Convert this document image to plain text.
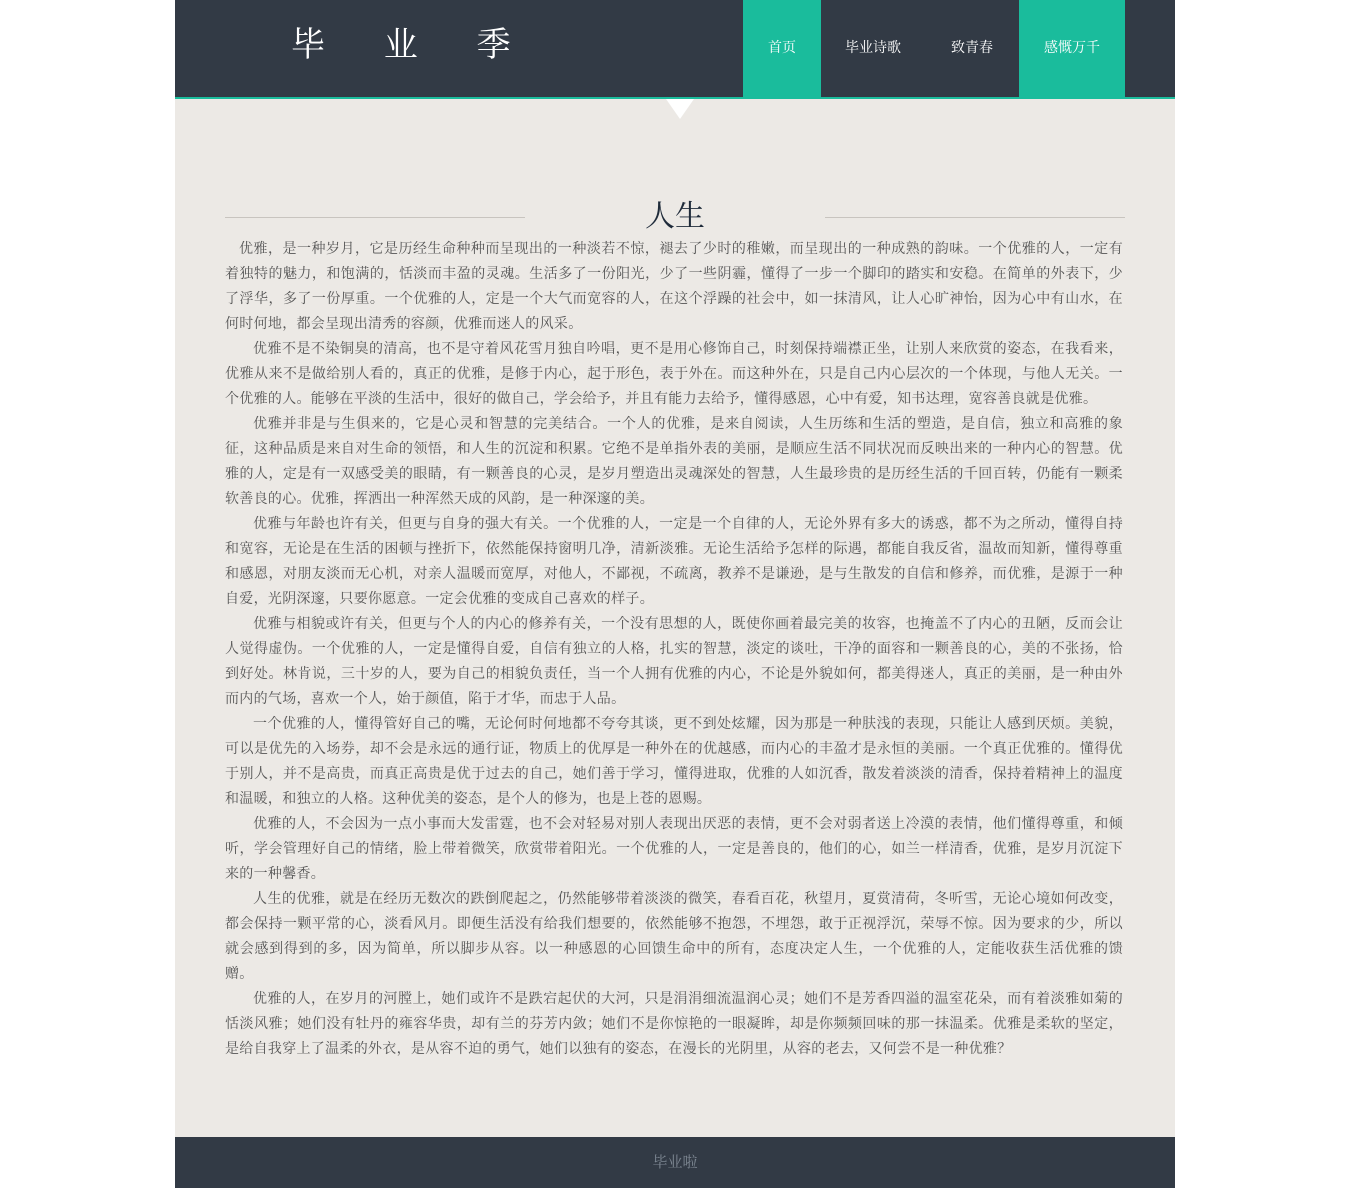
毕 业 季	首页	毕业诗歌	致青春	感慨万千
人生

优雅，是一种岁月，它是历经生命种种而呈现出的一种淡若不惊，褪去了少时的稚嫩，而呈现出的一种成熟的韵味。一个优雅的人，一定有着独特的魅力，和饱满的，恬淡而丰盈的灵魂。生活多了一份阳光，少了一些阴霾，懂得了一步一个脚印的踏实和安稳。在简单的外表下，少了浮华，多了一份厚重。一个优雅的人，定是一个大气而宽容的人，在这个浮躁的社会中，如一抹清风，让人心旷神怡，因为心中有山水，在何时何地，都会呈现出清秀的容颜，优雅而迷人的风采。

优雅不是不染铜臭的清高，也不是守着风花雪月独自吟唱，更不是用心修饰自己，时刻保持端襟正坐，让别人来欣赏的姿态，在我看来，优雅从来不是做给别人看的，真正的优雅，是修于内心，起于形色，表于外在。而这种外在，只是自己内心层次的一个体现，与他人无关。一个优雅的人。能够在平淡的生活中，很好的做自己，学会给予，并且有能力去给予，懂得感恩，心中有爱，知书达理，宽容善良就是优雅。

优雅并非是与生俱来的，它是心灵和智慧的完美结合。一个人的优雅，是来自阅读，人生历练和生活的塑造，是自信，独立和高雅的象征，这种品质是来自对生命的领悟，和人生的沉淀和积累。它绝不是单指外表的美丽，是顺应生活不同状况而反映出来的一种内心的智慧。优雅的人，定是有一双感受美的眼睛，有一颗善良的心灵，是岁月塑造出灵魂深处的智慧，人生最珍贵的是历经生活的千回百转，仍能有一颗柔软善良的心。优雅，挥洒出一种浑然天成的风韵，是一种深邃的美。

优雅与年龄也许有关，但更与自身的强大有关。一个优雅的人，一定是一个自律的人，无论外界有多大的诱惑，都不为之所动，懂得自持和宽容，无论是在生活的困顿与挫折下，依然能保持窗明几净，清新淡雅。无论生活给予怎样的际遇，都能自我反省，温故而知新，懂得尊重和感恩，对朋友淡而无心机，对亲人温暖而宽厚，对他人，不鄙视，不疏离，教养不是谦逊，是与生散发的自信和修养，而优雅，是源于一种自爱，光阴深邃，只要你愿意。一定会优雅的变成自己喜欢的样子。

优雅与相貌或许有关，但更与个人的内心的修养有关，一个没有思想的人，既使你画着最完美的妆容，也掩盖不了内心的丑陋，反而会让人觉得虚伪。一个优雅的人，一定是懂得自爱，自信有独立的人格，扎实的智慧，淡定的谈吐，干净的面容和一颗善良的心，美的不张扬，恰到好处。林肯说，三十岁的人，要为自己的相貌负责任，当一个人拥有优雅的内心，不论是外貌如何，都美得迷人，真正的美丽，是一种由外而内的气场，喜欢一个人，始于颜值，陷于才华，而忠于人品。

一个优雅的人，懂得管好自己的嘴，无论何时何地都不夸夸其谈，更不到处炫耀，因为那是一种肤浅的表现，只能让人感到厌烦。美貌，可以是优先的入场券，却不会是永远的通行证，物质上的优厚是一种外在的优越感，而内心的丰盈才是永恒的美丽。一个真正优雅的。懂得优于别人，并不是高贵，而真正高贵是优于过去的自己，她们善于学习，懂得进取，优雅的人如沉香，散发着淡淡的清香，保持着精神上的温度和温暖，和独立的人格。这种优美的姿态，是个人的修为，也是上苍的恩赐。

优雅的人，不会因为一点小事而大发雷霆，也不会对轻易对别人表现出厌恶的表情，更不会对弱者送上冷漠的表情，他们懂得尊重，和倾听，学会管理好自己的情绪，脸上带着微笑，欣赏带着阳光。一个优雅的人，一定是善良的，他们的心，如兰一样清香，优雅，是岁月沉淀下来的一种馨香。

人生的优雅，就是在经历无数次的跌倒爬起之，仍然能够带着淡淡的微笑，春看百花，秋望月，夏赏清荷，冬听雪，无论心境如何改变，都会保持一颗平常的心，淡看风月。即便生活没有给我们想要的，依然能够不抱怨，不埋怨，敢于正视浮沉，荣辱不惊。因为要求的少，所以就会感到得到的多，因为简单，所以脚步从容。以一种感恩的心回馈生命中的所有，态度决定人生，一个优雅的人，定能收获生活优雅的馈赠。

优雅的人，在岁月的河膛上，她们或许不是跌宕起伏的大河，只是涓涓细流温润心灵；她们不是芳香四溢的温室花朵，而有着淡雅如菊的恬淡风雅；她们没有牡丹的雍容华贵，却有兰的芬芳内敛；她们不是你惊艳的一眼凝眸，却是你频频回味的那一抹温柔。优雅是柔软的坚定，是给自我穿上了温柔的外衣，是从容不迫的勇气，她们以独有的姿态，在漫长的光阴里，从容的老去，又何尝不是一种优雅？

毕业啦
